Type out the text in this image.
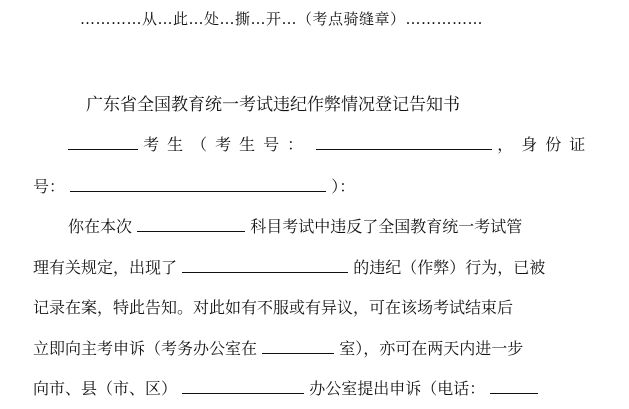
…………从…此…处…撕…开…（考点骑缝章）……………
广东省全国教育统一考试违纪作弊情况登记告知书
考生（考生号：	，身份证
号：	）：
你在本次	科目考试中违反了全国教育统一考试管
理有关规定，出现了	的违纪（作弊）行为，已被
记录在案，特此告知。对此如有不服或有异议，可在该场考试结束后
立即向主考申诉（考务办公室在	室），亦可在两天内进一步
向市、县（市、区）	办公室提出申诉（电话：
